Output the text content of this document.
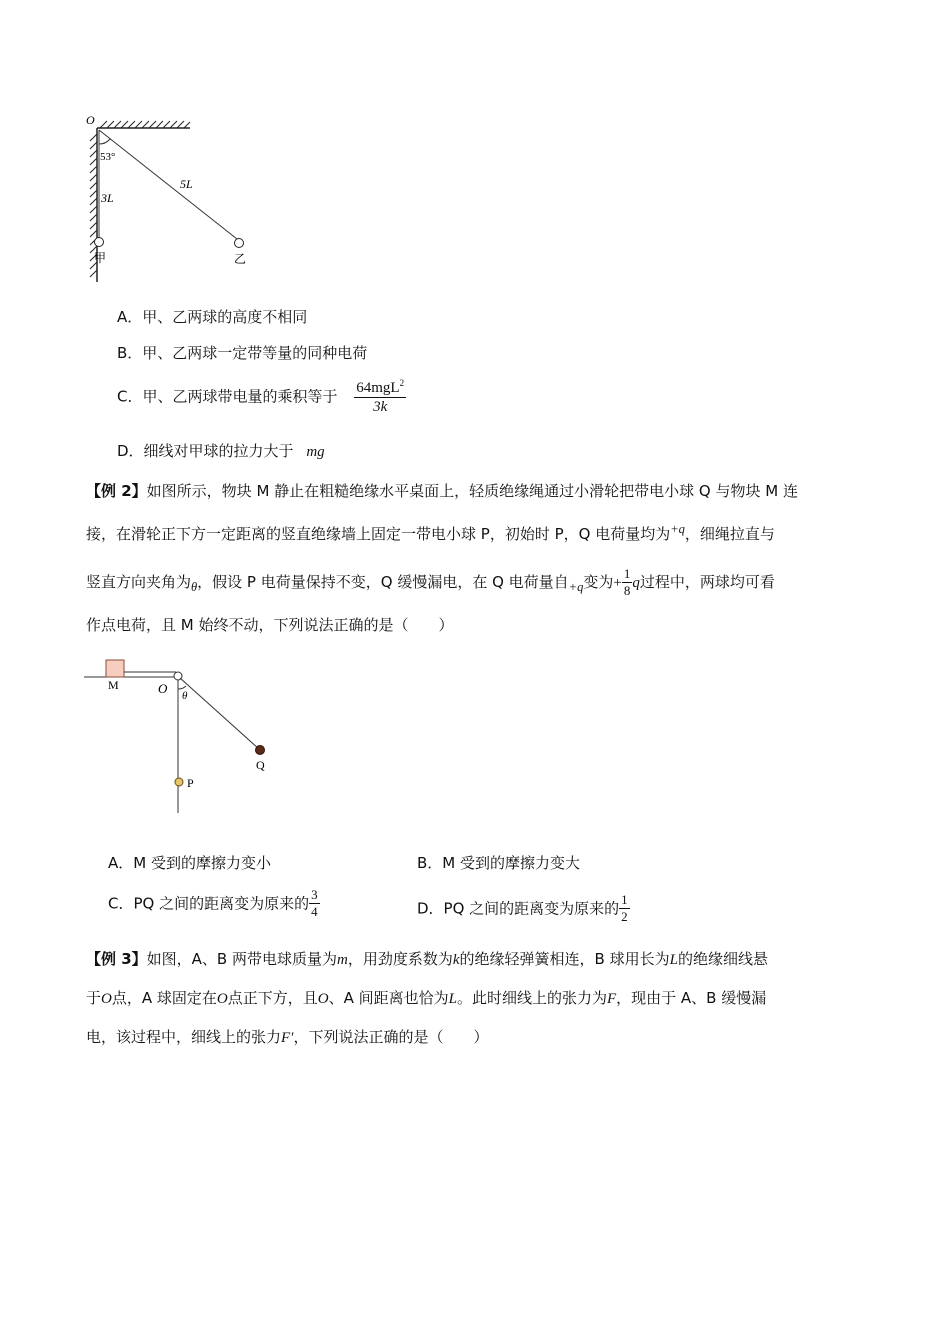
O
53°
3L
5L
甲	乙
A．甲、乙两球的高度不相同
B．甲、乙两球一定带等量的同种电荷
C．甲、乙两球带电量的乘积等于 $\frac{64mgL^2}{3k}$
D．细线对甲球的拉力大于 mg
【例 2】如图所示，物块 M 静止在粗糙绝缘水平桌面上，轻质绝缘绳通过小滑轮把带电小球 Q 与物块 M 连
接，在滑轮正下方一定距离的竖直绝缘墙上固定一带电小球 P，初始时 P，Q 电荷量均为$^{+q}$，细绳拉直与
竖直方向夹角为$_\theta$，假设 P 电荷量保持不变，Q 缓慢漏电，在 Q 电荷量自$_{+q}$变为+ $\frac{1}{8}$ q过程中，两球均可看
作点电荷，且 M 始终不动，下列说法正确的是（　　）
M	O θ
Q
P
A．M 受到的摩擦力变小	B．M 受到的摩擦力变大
C．PQ 之间的距离变为原来的 $\frac{3}{4}$	D．PQ 之间的距离变为原来的 $\frac{1}{2}$
【例 3】如图，A、B 两带电球质量为m，用劲度系数为k的绝缘轻弹簧相连，B 球用长为L的绝缘细线悬
于O点，A 球固定在O点正下方，且O、A 间距离也恰为L。此时细线上的张力为F，现由于 A、B 缓慢漏
电，该过程中，细线上的张力F′，下列说法正确的是（　　）
